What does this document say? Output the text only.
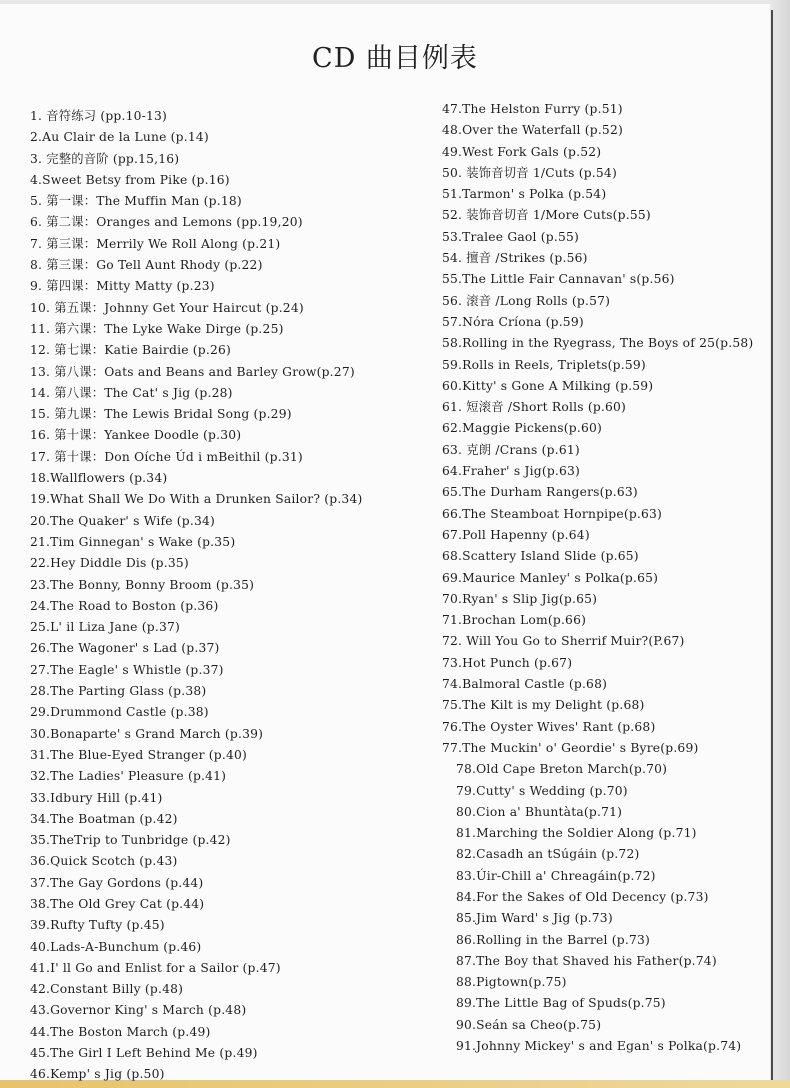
CD 曲目例表
1. 音符练习 (pp.10-13)
2.Au Clair de la Lune (p.14)
3. 完整的音阶 (pp.15,16)
4.Sweet Betsy from Pike (p.16)
5. 第一课：The Muffin Man (p.18)
6. 第二课：Oranges and Lemons (pp.19,20)
7. 第三课：Merrily We Roll Along (p.21)
8. 第三课：Go Tell Aunt Rhody (p.22)
9. 第四课：Mitty Matty (p.23)
10. 第五课：Johnny Get Your Haircut (p.24)
11. 第六课：The Lyke Wake Dirge (p.25)
12. 第七课：Katie Bairdie (p.26)
13. 第八课：Oats and Beans and Barley Grow(p.27)
14. 第八课：The Cat' s Jig (p.28)
15. 第九课：The Lewis Bridal Song (p.29)
16. 第十课：Yankee Doodle (p.30)
17. 第十课：Don Oíche Úd i mBeithil (p.31)
18.Wallflowers (p.34)
19.What Shall We Do With a Drunken Sailor? (p.34)
20.The Quaker' s Wife (p.34)
21.Tim Ginnegan' s Wake (p.35)
22.Hey Diddle Dis (p.35)
23.The Bonny, Bonny Broom (p.35)
24.The Road to Boston (p.36)
25.L' il Liza Jane (p.37)
26.The Wagoner' s Lad (p.37)
27.The Eagle' s Whistle (p.37)
28.The Parting Glass (p.38)
29.Drummond Castle (p.38)
30.Bonaparte' s Grand March (p.39)
31.The Blue-Eyed Stranger (p.40)
32.The Ladies' Pleasure (p.41)
33.Idbury Hill (p.41)
34.The Boatman (p.42)
35.TheTrip to Tunbridge (p.42)
36.Quick Scotch (p.43)
37.The Gay Gordons (p.44)
38.The Old Grey Cat (p.44)
39.Rufty Tufty (p.45)
40.Lads-A-Bunchum (p.46)
41.I' ll Go and Enlist for a Sailor (p.47)
42.Constant Billy (p.48)
43.Governor King' s March (p.48)
44.The Boston March (p.49)
45.The Girl I Left Behind Me (p.49)
46.Kemp' s Jig (p.50)
47.The Helston Furry (p.51)
48.Over the Waterfall (p.52)
49.West Fork Gals (p.52)
50. 装饰音切音 1/Cuts (p.54)
51.Tarmon' s Polka (p.54)
52. 装饰音切音 1/More Cuts(p.55)
53.Tralee Gaol (p.55)
54. 擅音 /Strikes (p.56)
55.The Little Fair Cannavan' s(p.56)
56. 滚音 /Long Rolls (p.57)
57.Nóra Críona (p.59)
58.Rolling in the Ryegrass, The Boys of 25(p.58)
59.Rolls in Reels, Triplets(p.59)
60.Kitty' s Gone A Milking (p.59)
61. 短滚音 /Short Rolls (p.60)
62.Maggie Pickens(p.60)
63. 克朗 /Crans (p.61)
64.Fraher' s Jig(p.63)
65.The Durham Rangers(p.63)
66.The Steamboat Hornpipe(p.63)
67.Poll Hapenny (p.64)
68.Scattery Island Slide (p.65)
69.Maurice Manley' s Polka(p.65)
70.Ryan' s Slip Jig(p.65)
71.Brochan Lom(p.66)
72. Will You Go to Sherrif Muir?(P.67)
73.Hot Punch (p.67)
74.Balmoral Castle (p.68)
75.The Kilt is my Delight (p.68)
76.The Oyster Wives' Rant (p.68)
77.The Muckin' o' Geordie' s Byre(p.69)
78.Old Cape Breton March(p.70)
79.Cutty' s Wedding (p.70)
80.Cion a' Bhuntàta(p.71)
81.Marching the Soldier Along (p.71)
82.Casadh an tSúgáin (p.72)
83.Úir-Chill a' Chreagáin(p.72)
84.For the Sakes of Old Decency (p.73)
85.Jim Ward' s Jig (p.73)
86.Rolling in the Barrel (p.73)
87.The Boy that Shaved his Father(p.74)
88.Pigtown(p.75)
89.The Little Bag of Spuds(p.75)
90.Seán sa Cheo(p.75)
91.Johnny Mickey' s and Egan' s Polka(p.74)
